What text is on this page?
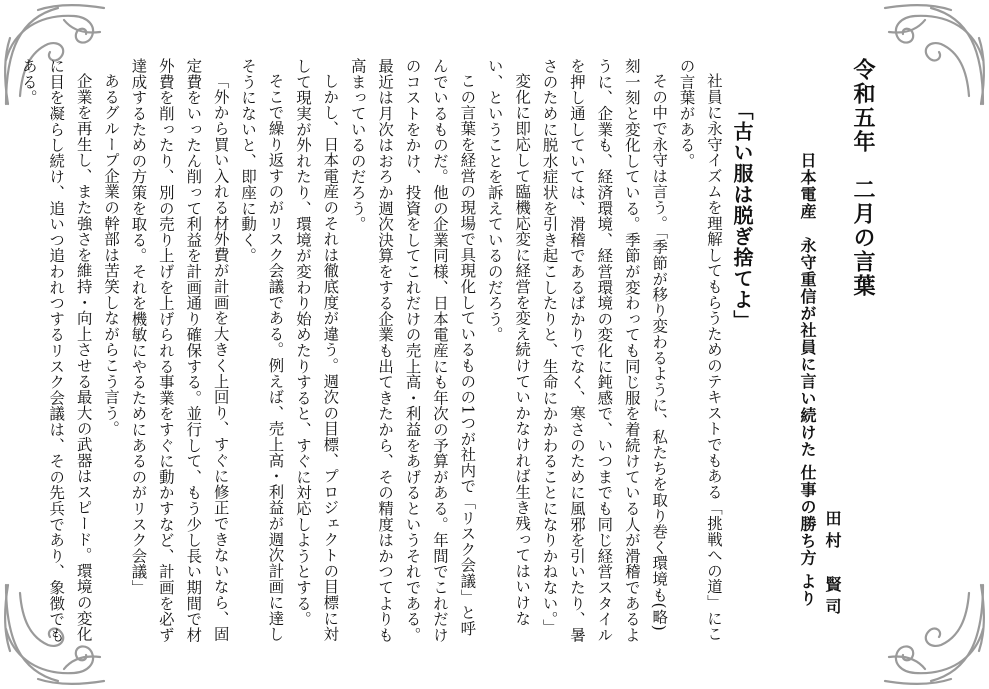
令和五年　二月の言葉
日本電産　永守重信が社員に言い続けた 仕事の勝ち方 より 田村　賢司
「古い服は脱ぎ捨てよ」

社員に永守イズムを理解してもらうためのテキストでもある「挑戦への道」にこの言葉がある。

その中で永守は言う。「季節が移り変わるように、私たちを取り巻く環境も(略)刻一刻と変化している。季節が変わっても同じ服を着続けている人が滑稽であるように、企業も、経済環境、経営環境の変化に鈍感で、いつまでも同じ経営スタイルを押し通していては、滑稽であるばかりでなく、寒さのために風邪を引いたり、暑さのために脱水症状を引き起こしたりと、生命にかかわることになりかねない。」

変化に即応して臨機応変に経営を変え続けていかなければ生き残ってはいけない、ということを訴えているのだろう。

この言葉を経営の現場で具現化しているものの1つが社内で「リスク会議」と呼んでいるものだ。他の企業同様、日本電産にも年次の予算がある。年間でこれだけのコストをかけ、投資をしてこれだけの売上高・利益をあげるというそれである。最近は月次はおろか週次決算をする企業も出てきたから、その精度はかつてよりも高まっているのだろう。

しかし、日本電産のそれは徹底度が違う。週次の目標、プロジェクトの目標に対して現実が外れたり、環境が変わり始めたりすると、すぐに対応しようとする。

そこで繰り返すのがリスク会議である。例えば、売上高・利益が週次計画に達しそうにないと、即座に動く。

「外から買い入れる材外費が計画を大きく上回り、すぐに修正できないなら、固定費をいったん削って利益を計画通り確保する。並行して、もう少し長い期間で材外費を削ったり、別の売り上げを上げられる事業をすぐに動かすなど、計画を必ず達成するための方策を取る。それを機敏にやるためにあるのがリスク会議」

あるグループ企業の幹部は苦笑しながらこう言う。

企業を再生し、また強さを維持・向上させる最大の武器はスピード。環境の変化に目を凝らし続け、追いつ追われつするリスク会議は、その先兵であり、象徴でもある。
